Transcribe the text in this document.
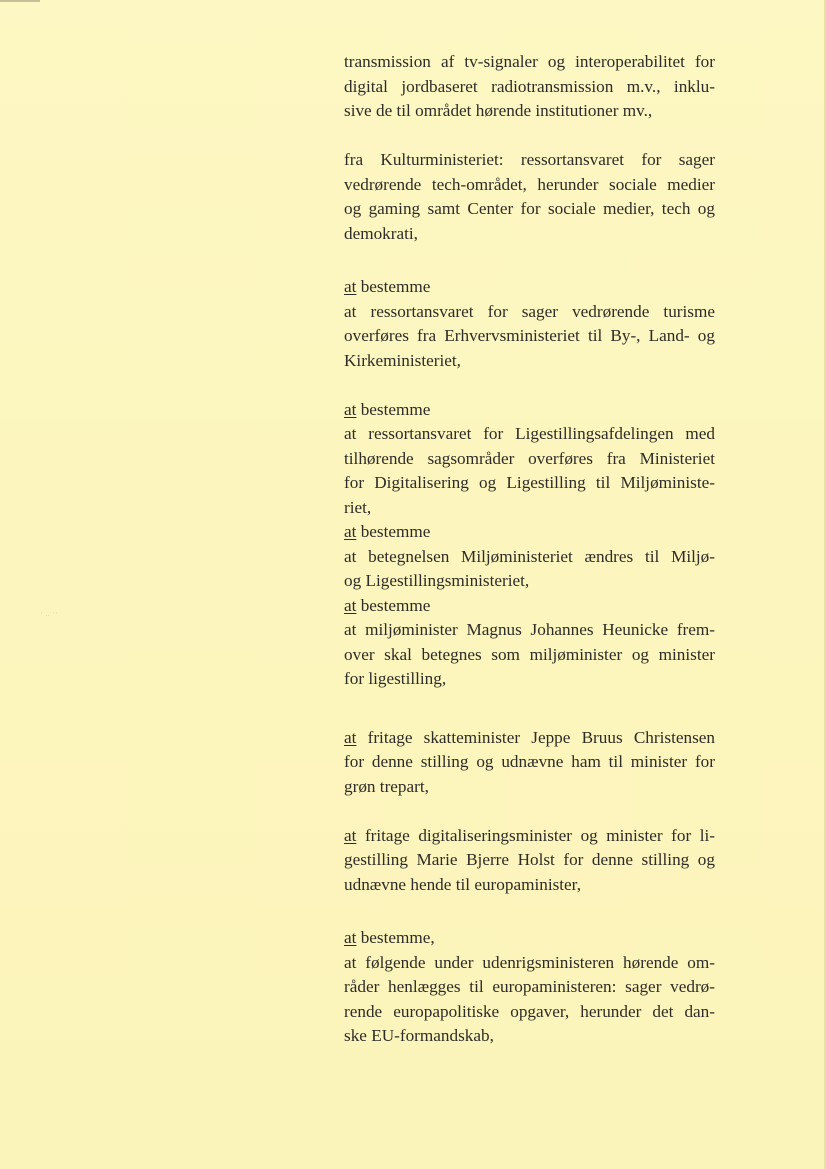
· .. ··
transmission af tv-signaler og interoperabilitet for
digital jordbaseret radiotransmission m.v., inklu-
sive de til området hørende institutioner mv.,
fra Kulturministeriet: ressortansvaret for sager
vedrørende tech-området, herunder sociale medier
og gaming samt Center for sociale medier, tech og
demokrati,
at bestemme
at ressortansvaret for sager vedrørende turisme
overføres fra Erhvervsministeriet til By-, Land- og
Kirkeministeriet,
at bestemme
at ressortansvaret for Ligestillingsafdelingen med
tilhørende sagsområder overføres fra Ministeriet
for Digitalisering og Ligestilling til Miljøministe-
riet,
at bestemme
at betegnelsen Miljøministeriet ændres til Miljø-
og Ligestillingsministeriet,
at bestemme
at miljøminister Magnus Johannes Heunicke frem-
over skal betegnes som miljøminister og minister
for ligestilling,
at fritage skatteminister Jeppe Bruus Christensen
for denne stilling og udnævne ham til minister for
grøn trepart,
at fritage digitaliseringsminister og minister for li-
gestilling Marie Bjerre Holst for denne stilling og
udnævne hende til europaminister,
at bestemme,
at følgende under udenrigsministeren hørende om-
råder henlægges til europaministeren: sager vedrø-
rende europapolitiske opgaver, herunder det dan-
ske EU-formandskab,
